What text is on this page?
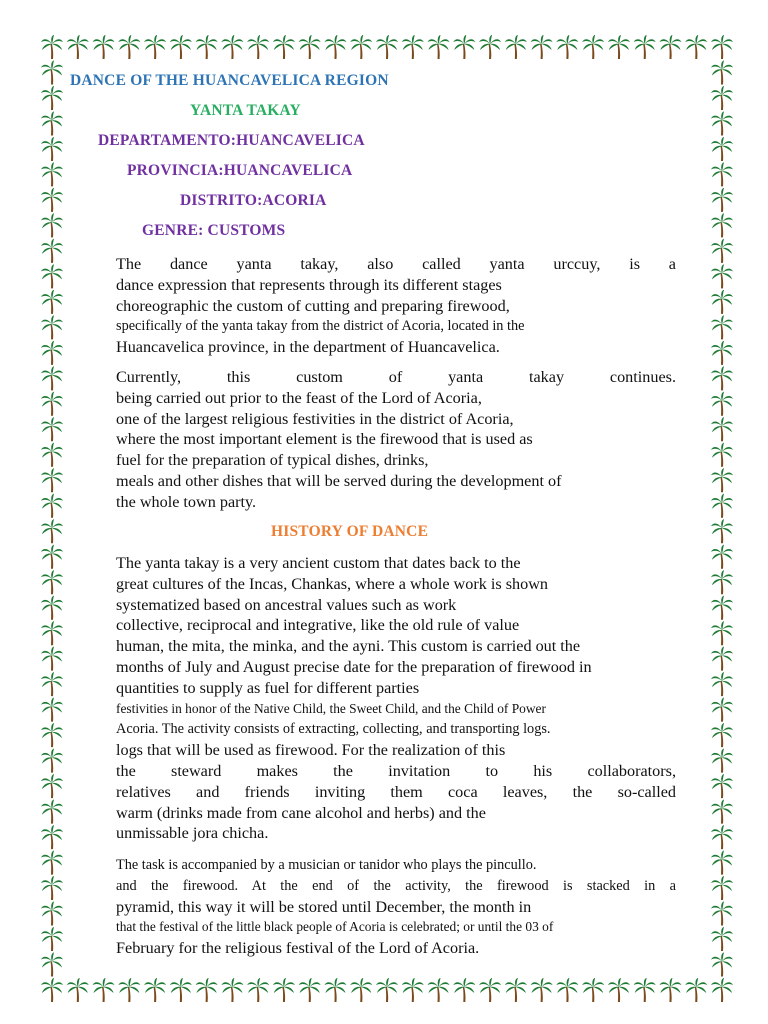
DANCE OF THE HUANCAVELICA REGION
YANTA TAKAY
DEPARTAMENTO:HUANCAVELICA
PROVINCIA:HUANCAVELICA
DISTRITO:ACORIA
GENRE: CUSTOMS
The dance yanta takay, also called yanta urccuy, is a
dance expression that represents through its different stages
choreographic the custom of cutting and preparing firewood,
specifically of the yanta takay from the district of Acoria, located in the
Huancavelica province, in the department of Huancavelica.
Currently, this custom of yanta takay continues.
being carried out prior to the feast of the Lord of Acoria,
one of the largest religious festivities in the district of Acoria,
where the most important element is the firewood that is used as
fuel for the preparation of typical dishes, drinks,
meals and other dishes that will be served during the development of
the whole town party.
HISTORY OF DANCE
The yanta takay is a very ancient custom that dates back to the
great cultures of the Incas, Chankas, where a whole work is shown
systematized based on ancestral values such as work
collective, reciprocal and integrative, like the old rule of value
human, the mita, the minka, and the ayni. This custom is carried out the
months of July and August precise date for the preparation of firewood in
quantities to supply as fuel for different parties
festivities in honor of the Native Child, the Sweet Child, and the Child of Power
Acoria. The activity consists of extracting, collecting, and transporting logs.
logs that will be used as firewood. For the realization of this
the steward makes the invitation to his collaborators,
relatives and friends inviting them coca leaves, the so-called
warm (drinks made from cane alcohol and herbs) and the
unmissable jora chicha.
The task is accompanied by a musician or tanidor who plays the pincullo.
and the firewood. At the end of the activity, the firewood is stacked in a
pyramid, this way it will be stored until December, the month in
that the festival of the little black people of Acoria is celebrated; or until the 03 of
February for the religious festival of the Lord of Acoria.
